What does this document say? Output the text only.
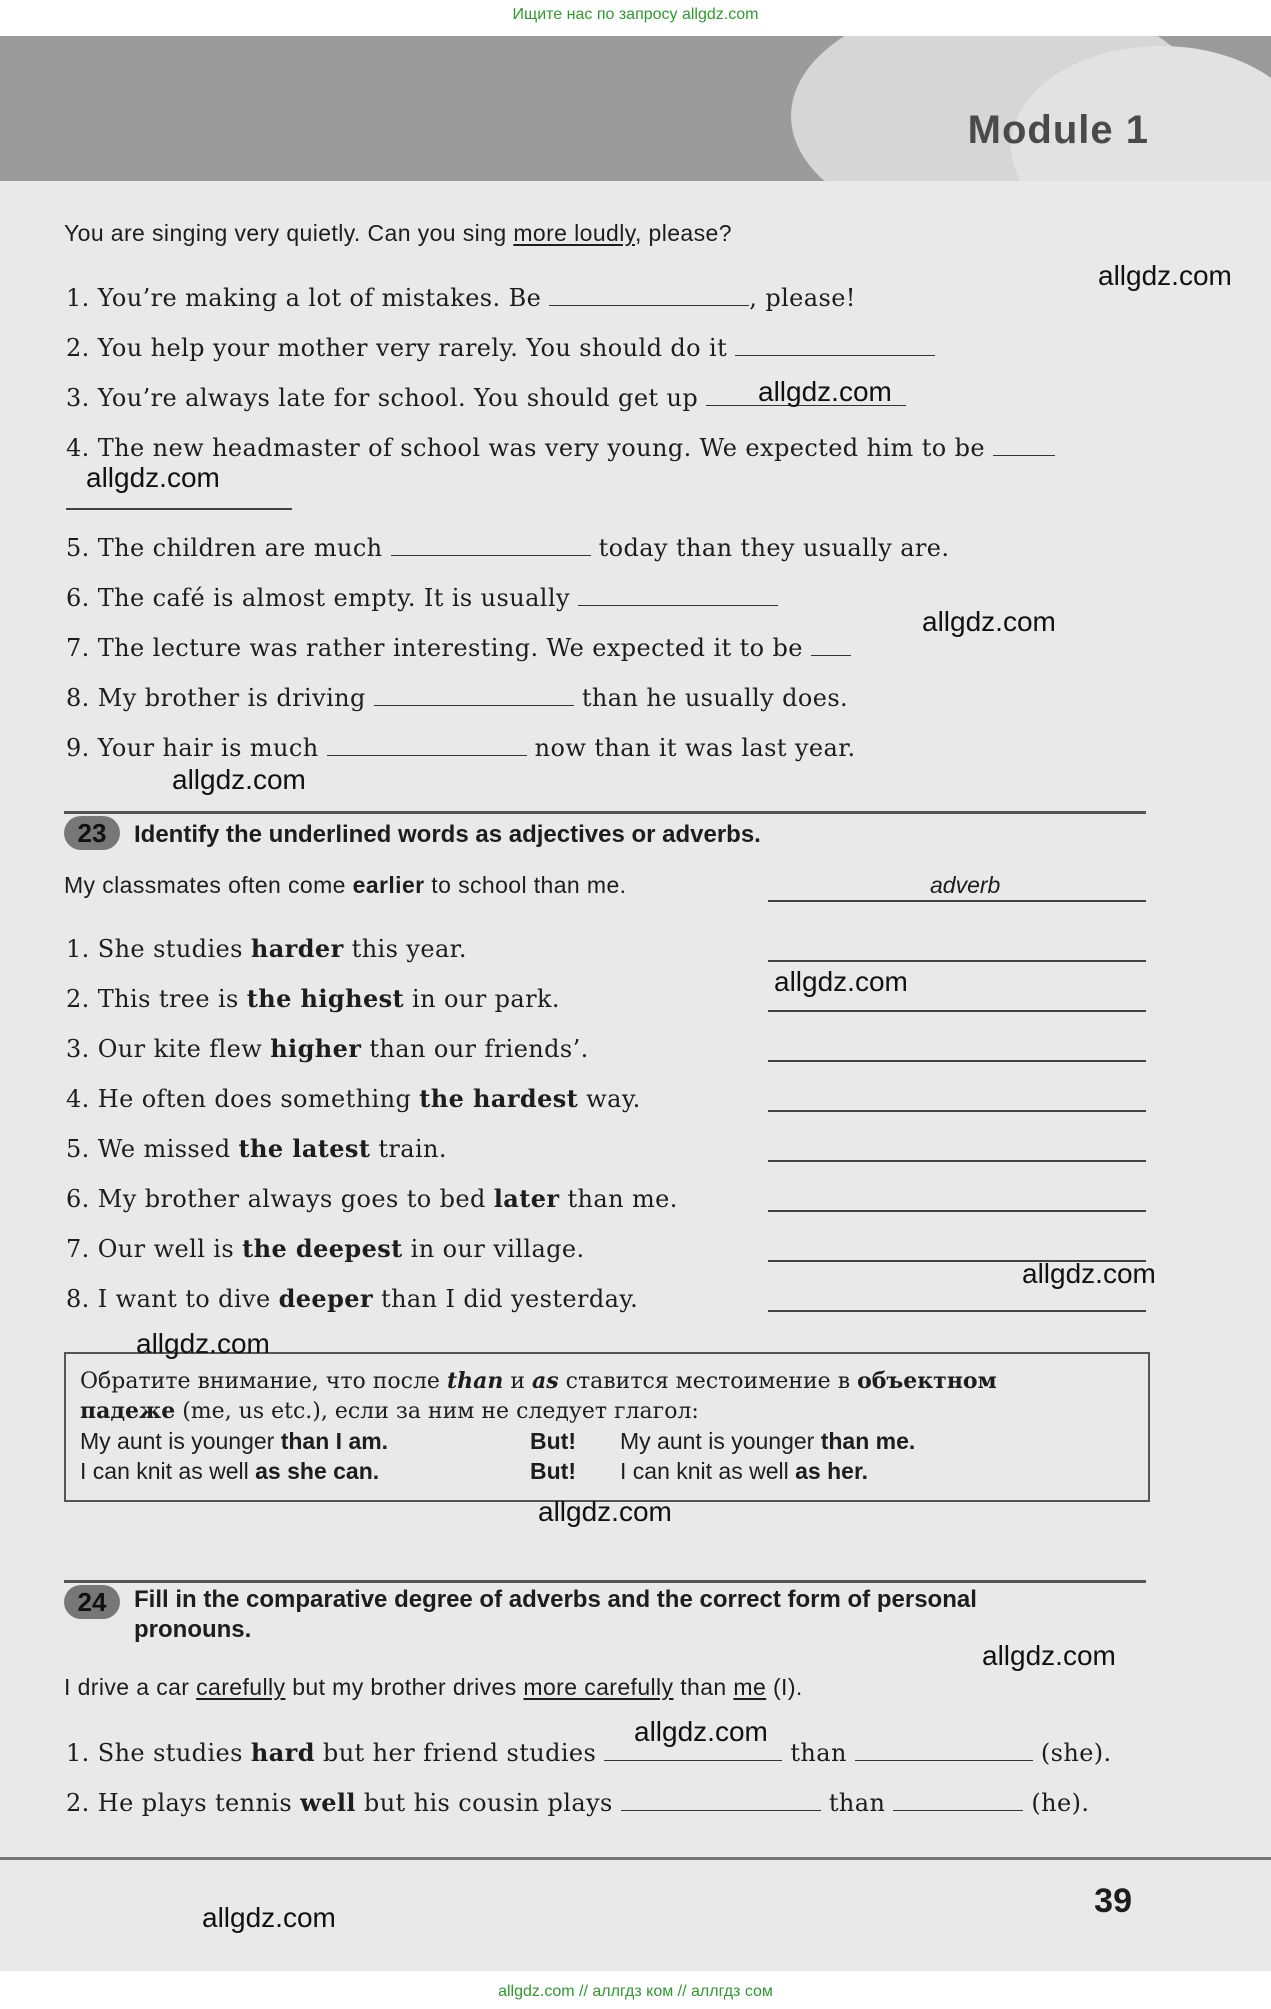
Ищите нас по запросу allgdz.com
Module 1
You are singing very quietly. Can you sing more loudly, please?
1. You’re making a lot of mistakes. Be	, please!
2. You help your mother very rarely. You should do it
3. You’re always late for school. You should get up
4. The new headmaster of school was very young. We expected him to be
5. The children are much	today than they usually are.
6. The café is almost empty. It is usually
7. The lecture was rather interesting. We expected it to be
8. My brother is driving	than he usually does.
9. Your hair is much	now than it was last year.
23 Identify the underlined words as adjectives or adverbs.
My classmates often come earlier to school than me.	adverb
1. She studies harder this year.
2. This tree is the highest in our park.
3. Our kite flew higher than our friends’.
4. He often does something the hardest way.
5. We missed the latest train.
6. My brother always goes to bed later than me.
7. Our well is the deepest in our village.
8. I want to dive deeper than I did yesterday.
Обратите внимание, что после than и as ставится местоимение в объектном
падеже (me, us etc.), если за ним не следует глагол:
My aunt is younger than I am.	But! My aunt is younger than me.
I can knit as well as she can.	But! I can knit as well as her.
24	Fill in the comparative degree of adverbs and the correct form of personal
pronouns.
I drive a car carefully but my brother drives more carefully than me (I).
1. She studies hard but her friend studies	than	(she).
2. He plays tennis well but his cousin plays	than	(he).
allgdz.com
allgdz.com
allgdz.com
allgdz.com
allgdz.com
allgdz.com
allgdz.com
allgdz.com
allgdz.com
allgdz.com
allgdz.com
allgdz.com	39
allgdz.com // аллгдз ком // аллгдз сом
